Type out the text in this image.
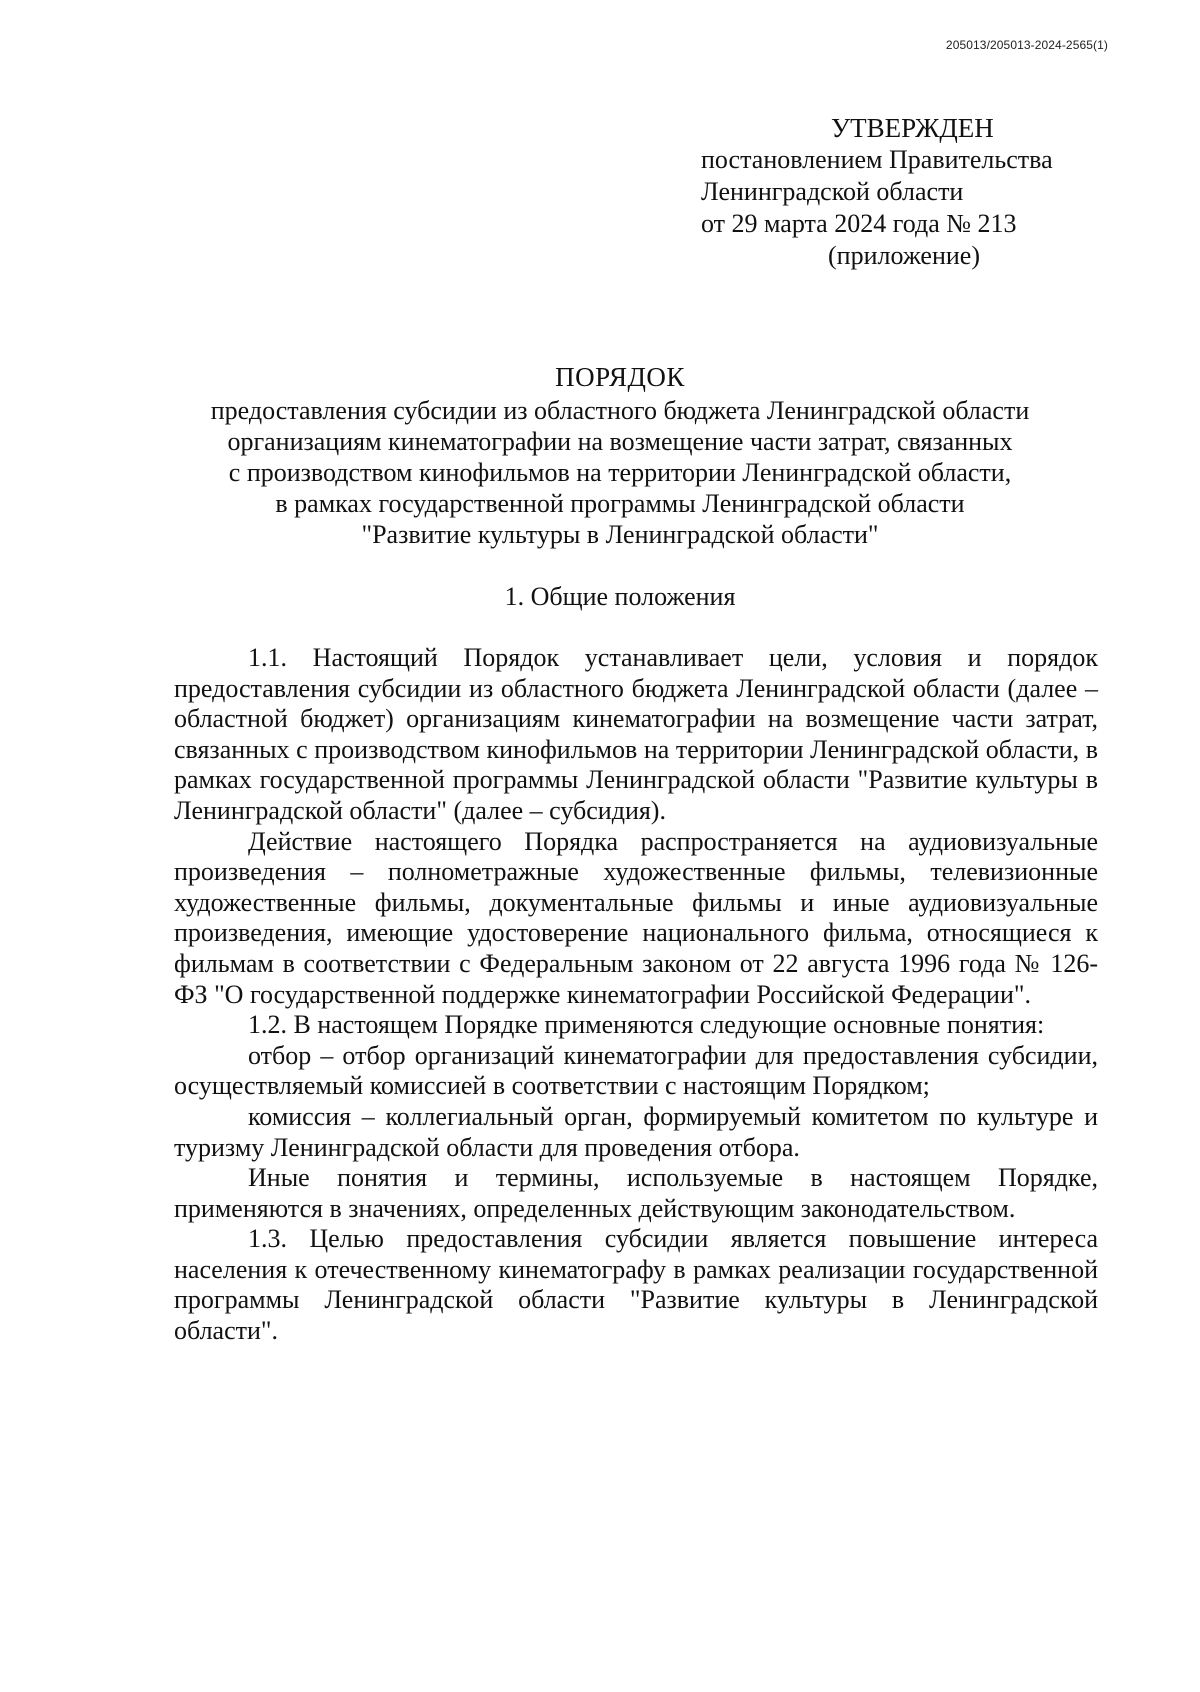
205013/205013-2024-2565(1)
УТВЕРЖДЕН
постановлением Правительства
Ленинградской области
от 29 марта 2024 года № 213
(приложение)
ПОРЯДОК
предоставления субсидии из областного бюджета Ленинградской области
организациям кинематографии на возмещение части затрат, связанных
с производством кинофильмов на территории Ленинградской области,
в рамках государственной программы Ленинградской области
"Развитие культуры в Ленинградской области"
1. Общие положения

1.1. Настоящий Порядок устанавливает цели, условия и порядок предоставления субсидии из областного бюджета Ленинградской области (далее – областной бюджет) организациям кинематографии на возмещение части затрат, связанных с производством кинофильмов на территории Ленинградской области, в рамках государственной программы Ленинградской области "Развитие культуры в Ленинградской области" (далее – субсидия).

Действие настоящего Порядка распространяется на аудиовизуальные произведения – полнометражные художественные фильмы, телевизионные художественные фильмы, документальные фильмы и иные аудиовизуальные произведения, имеющие удостоверение национального фильма, относящиеся к фильмам в соответствии с Федеральным законом от 22 августа 1996 года № 126-ФЗ "О государственной поддержке кинематографии Российской Федерации".

1.2. В настоящем Порядке применяются следующие основные понятия:

отбор – отбор организаций кинематографии для предоставления субсидии, осуществляемый комиссией в соответствии с настоящим Порядком;

комиссия – коллегиальный орган, формируемый комитетом по культуре и туризму Ленинградской области для проведения отбора.

Иные понятия и термины, используемые в настоящем Порядке, применяются в значениях, определенных действующим законодательством.

1.3. Целью предоставления субсидии является повышение интереса населения к отечественному кинематографу в рамках реализации государственной программы Ленинградской области "Развитие культуры в Ленинградской области".
